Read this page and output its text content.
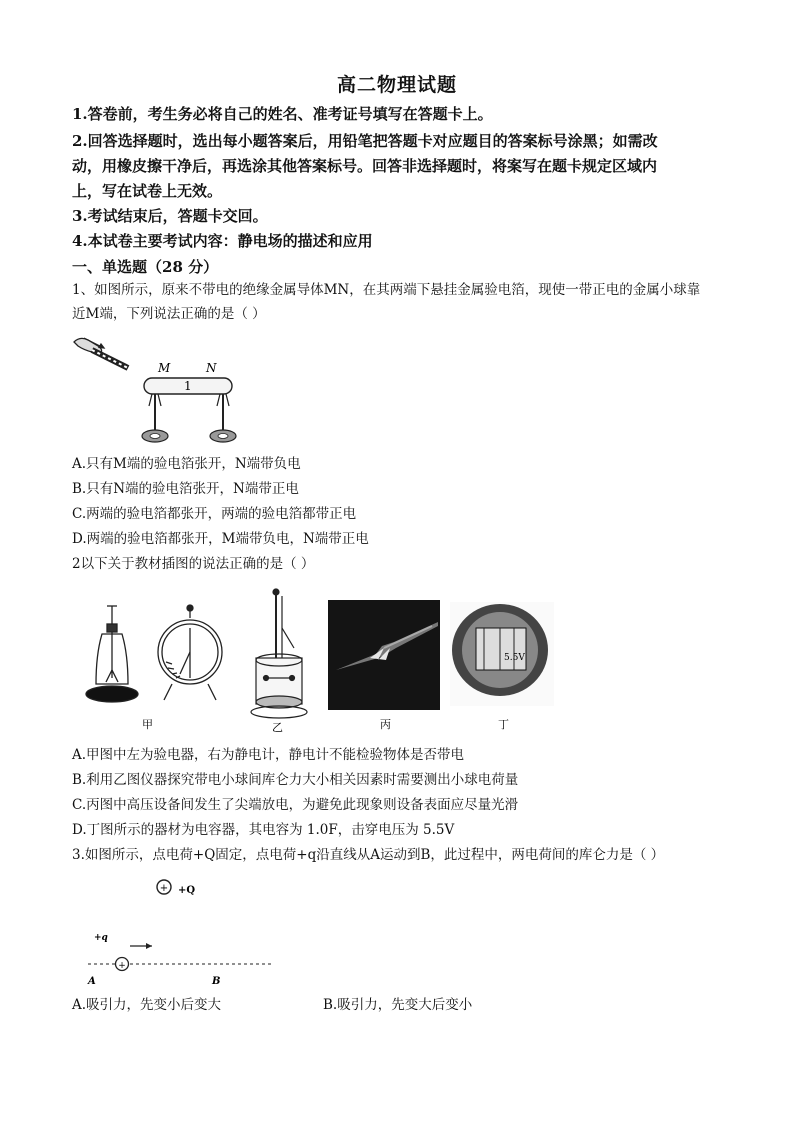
高二物理试题
1.答卷前，考生务必将自己的姓名、准考证号填写在答题卡上。
2.回答选择题时，选出每小题答案后，用铅笔把答题卡对应题目的答案标号涂黑；如需改
动，用橡皮擦干净后，再选涂其他答案标号。回答非选择题时，将案写在题卡规定区域内
上，写在试卷上无效。
3.考试结束后，答题卡交回。
4.本试卷主要考试内容：静电场的描述和应用
一、单选题（28 分）
1、如图所示，原来不带电的绝缘金属导体MN，在其两端下悬挂金属验电箔，现使一带正电的金属小球靠
近M端，下列说法正确的是（ ）
M	N
1
A.只有M端的验电箔张开，N端带负电
B.只有N端的验电箔张开，N端带正电
C.两端的验电箔都张开，两端的验电箔都带正电
D.两端的验电箔都张开，M端带负电，N端带正电
2以下关于教材插图的说法正确的是（ ）
甲	乙	丙
5.5V
丁
A.甲图中左为验电器，右为静电计，静电计不能检验物体是否带电
B.利用乙图仪器探究带电小球间库仑力大小相关因素时需要测出小球电荷量
C.丙图中高压设备间发生了尖端放电，为避免此现象则设备表面应尽量光滑
D.丁图所示的器材为电容器，其电容为 1.0F，击穿电压为 5.5V
3.如图所示，点电荷+Q固定，点电荷+q沿直线从A运动到B，此过程中，两电荷间的库仑力是（ ）
+ +Q
+q
+
A	B
A.吸引力，先变小后变大	B.吸引力，先变大后变小
